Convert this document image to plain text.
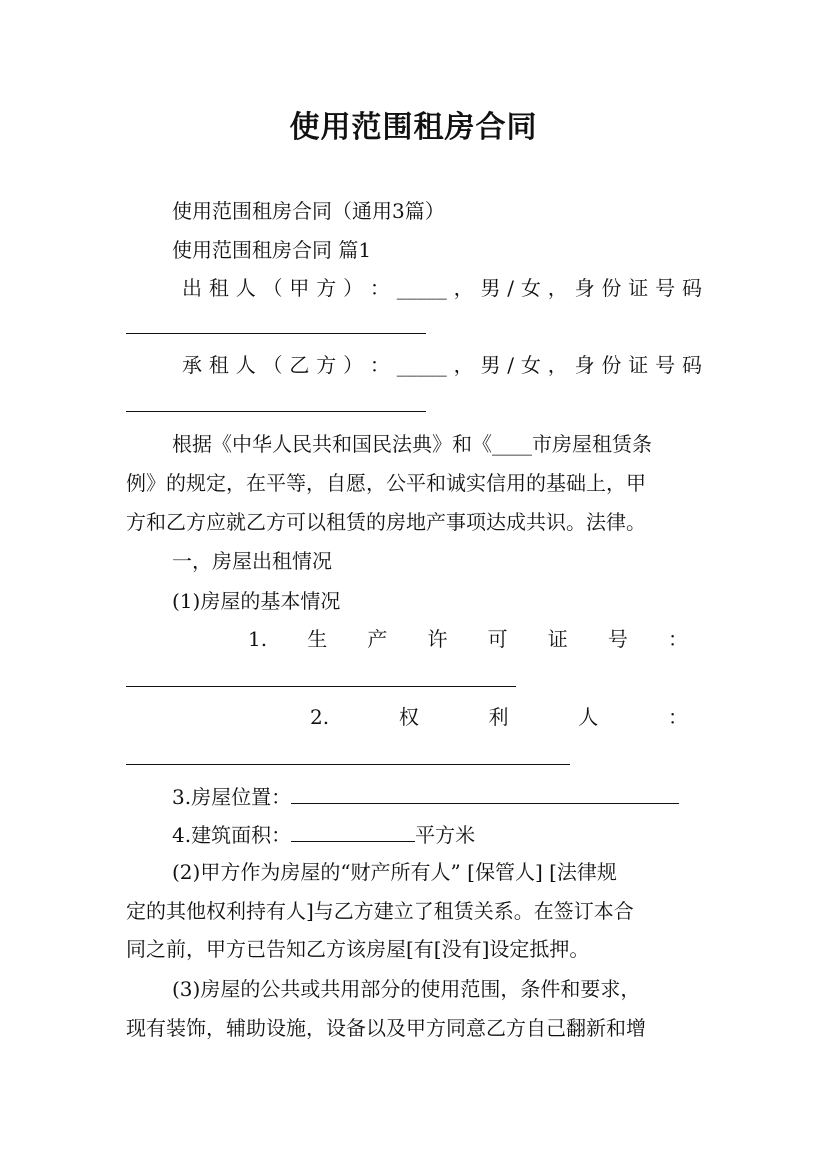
使用范围租房合同
使用范围租房合同（通用3篇）
使用范围租房合同 篇1
出 租 人 （ 甲 方 ） ： _____ ， 男 / 女 ， 身 份 证 号 码
承 租 人 （ 乙 方 ） ： _____ ， 男 / 女 ， 身 份 证 号 码
根据《中华人民共和国民法典》和《____市房屋租赁条
例》的规定，在平等，自愿，公平和诚实信用的基础上，甲
方和乙方应就乙方可以租赁的房地产事项达成共识。法律。
一，房屋出租情况
(1)房屋的基本情况
1. 生 产 许 可 证 号 ：
2.	权	利	人	：
3.房屋位置：
4.建筑面积：	平方米
(2)甲方作为房屋的“财产所有人” [保管人] [法律规
定的其他权利持有人]与乙方建立了租赁关系。在签订本合
同之前，甲方已告知乙方该房屋[有[没有]设定抵押。
(3)房屋的公共或共用部分的使用范围，条件和要求，
现有装饰，辅助设施，设备以及甲方同意乙方自己翻新和增
